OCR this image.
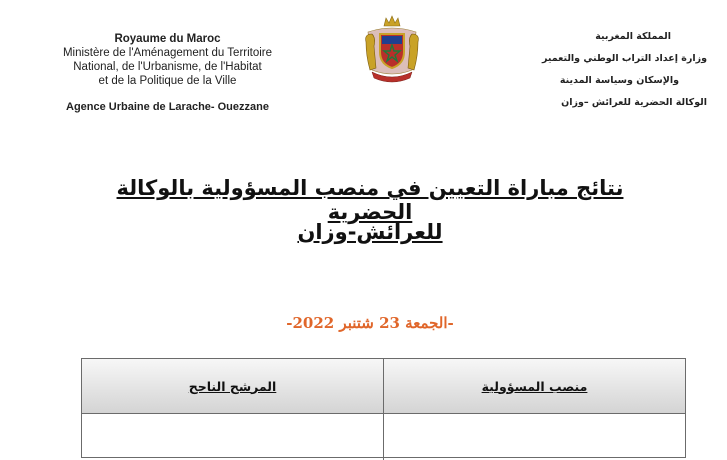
Royaume du Maroc
Ministère de l'Aménagement du Territoire
National, de l'Urbanisme, de l'Habitat
et de la Politique de la Ville
Agence Urbaine de Larache- Ouezzane
المملكة المغربية
وزارة إعداد التراب الوطني والتعمير
والإسكان وسياسة المدينة
الوكالة الحضرية للعرائش –وزان
نتائج مباراة التعيين في منصب المسؤولية بالوكالة الحضرية
للعرائش-وزان
-الجمعة 23 شتنبر 2022-
المرشح الناجح	منصب المسؤولية
